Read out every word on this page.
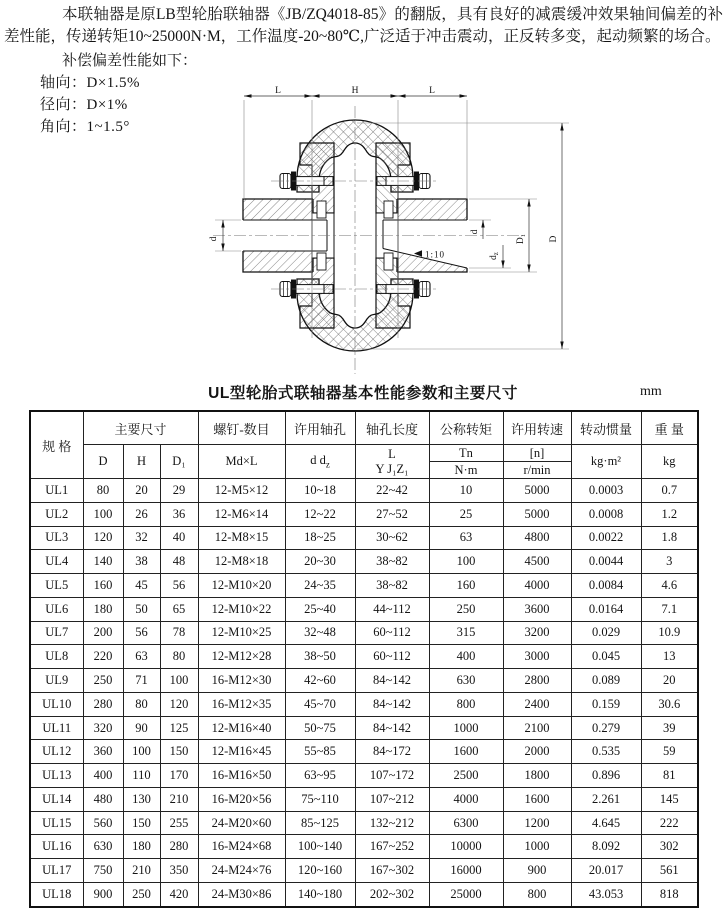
本联轴器是原LB型轮胎联轴器《JB/ZQ4018-85》的翻版，具有良好的减震缓冲效果轴间偏差的补差性能，传递转矩10~25000N·M，工作温度-20~80℃,广泛适于冲击震动，正反转多变，起动频繁的场合。

补偿偏差性能如下：
轴向：D×1.5%
径向：D×1%
角向：1~1.5°
L	H	L
d
d
dz
D₁ D
1:10
UL型轮胎式联轴器基本性能参数和主要尺寸	mm
规 格	主要尺寸			螺钉-数目	许用轴孔	轴孔长度	公称转矩	许用转速	转动惯量	重 量
	D	H	D₁	Md×L	d $d_z$	L
Y J₁Z₁	Tn	[n]	kg·m²	kg
							N·m	r/min		
UL1	80	20	29	12-M5×12	10~18	22~42	10	5000	0.0003	0.7
UL2	100	26	36	12-M6×14	12~22	27~52	25	5000	0.0008	1.2
UL3	120	32	40	12-M8×15	18~25	30~62	63	4800	0.0022	1.8
UL4	140	38	48	12-M8×18	20~30	38~82	100	4500	0.0044	3
UL5	160	45	56	12-M10×20	24~35	38~82	160	4000	0.0084	4.6
UL6	180	50	65	12-M10×22	25~40	44~112	250	3600	0.0164	7.1
UL7	200	56	78	12-M10×25	32~48	60~112	315	3200	0.029	10.9
UL8	220	63	80	12-M12×28	38~50	60~112	400	3000	0.045	13
UL9	250	71	100	16-M12×30	42~60	84~142	630	2800	0.089	20
UL10	280	80	120	16-M12×35	45~70	84~142	800	2400	0.159	30.6
UL11	320	90	125	12-M16×40	50~75	84~142	1000	2100	0.279	39
UL12	360	100	150	12-M16×45	55~85	84~172	1600	2000	0.535	59
UL13	400	110	170	16-M16×50	63~95	107~172	2500	1800	0.896	81
UL14	480	130	210	16-M20×56	75~110	107~212	4000	1600	2.261	145
UL15	560	150	255	24-M20×60	85~125	132~212	6300	1200	4.645	222
UL16	630	180	280	16-M24×68	100~140	167~252	10000	1000	8.092	302
UL17	750	210	350	24-M24×76	120~160	167~302	16000	900	20.017	561
UL18	900	250	420	24-M30×86	140~180	202~302	25000	800	43.053	818
